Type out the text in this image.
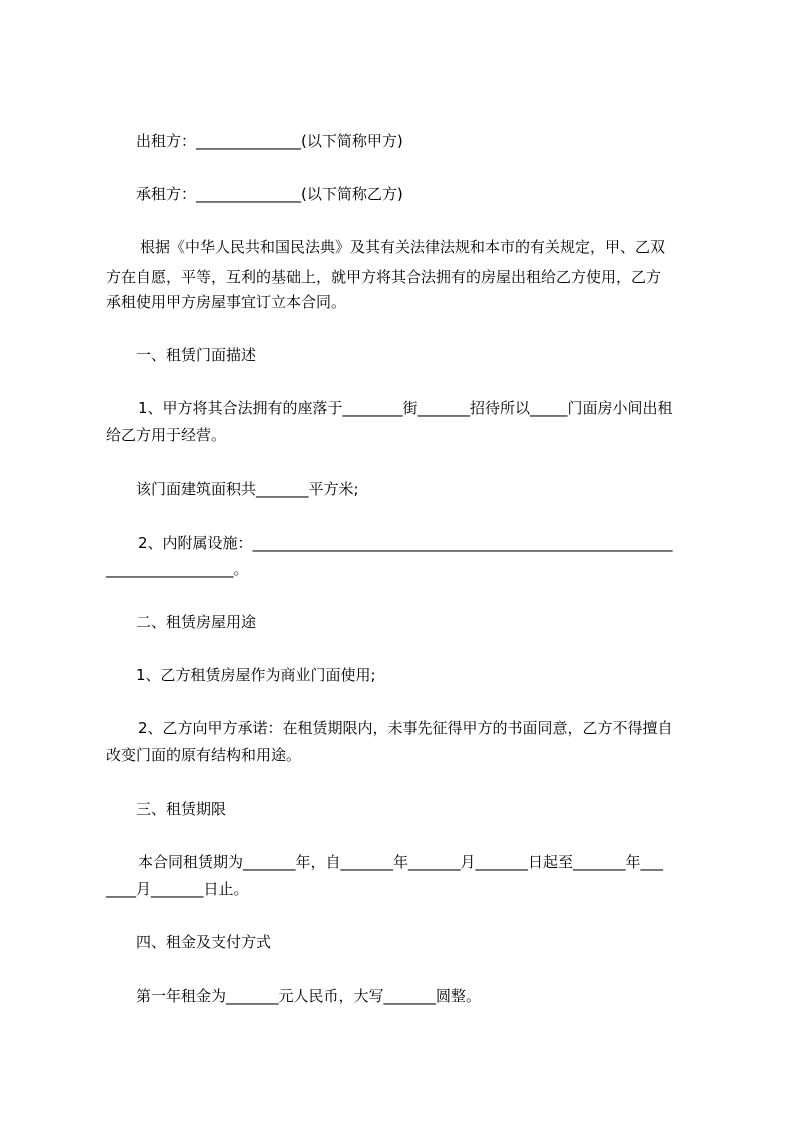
出租方：______________(以下简称甲方)
承租方：______________(以下简称乙方)
根据《中华人民共和国民法典》及其有关法律法规和本市的有关规定，甲、乙双
方在自愿，平等，互利的基础上，就甲方将其合法拥有的房屋出租给乙方使用，乙方
承租使用甲方房屋事宜订立本合同。
一、租赁门面描述
1、甲方将其合法拥有的座落于________街_______招待所以_____门面房小间出租
给乙方用于经营。
该门面建筑面积共_______平方米;
2、内附属设施：________________________________________________________
_________________。
二、租赁房屋用途
1、乙方租赁房屋作为商业门面使用;
2、乙方向甲方承诺：在租赁期限内，未事先征得甲方的书面同意，乙方不得擅自
改变门面的原有结构和用途。
三、租赁期限
本合同租赁期为_______年，自_______年_______月_______日起至_______年___
____月_______日止。
四、租金及支付方式
第一年租金为_______元人民币，大写_______圆整。
